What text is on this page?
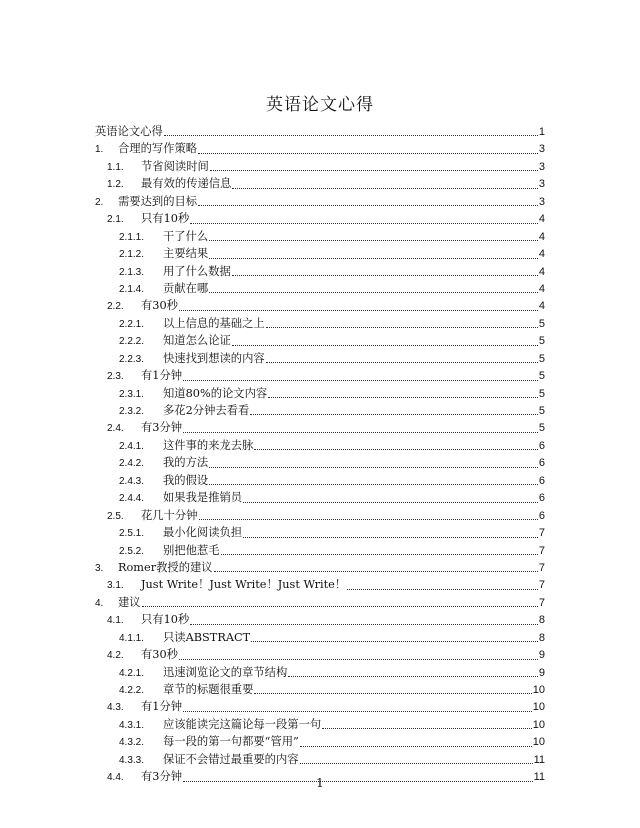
英语论文心得
英语论文心得	1
1.	合理的写作策略	3
1.1.	节省阅读时间	3
1.2.	最有效的传递信息	3
2.	需要达到的目标	3
2.1.	只有10秒	4
2.1.1.	干了什么	4
2.1.2.	主要结果	4
2.1.3.	用了什么数据	4
2.1.4.	贡献在哪	4
2.2.	有30秒	4
2.2.1.	以上信息的基础之上	5
2.2.2.	知道怎么论证	5
2.2.3.	快速找到想读的内容	5
2.3.	有1分钟	5
2.3.1.	知道80%的论文内容	5
2.3.2.	多花2分钟去看看	5
2.4.	有3分钟	5
2.4.1.	这件事的来龙去脉	6
2.4.2.	我的方法	6
2.4.3.	我的假设	6
2.4.4.	如果我是推销员	6
2.5.	花几十分钟	6
2.5.1.	最小化阅读负担	7
2.5.2.	别把他惹毛	7
3.	Romer教授的建议	7
3.1.	Just Write！Just Write！Just Write！	7
4.	建议	7
4.1.	只有10秒	8
4.1.1.	只读ABSTRACT	8
4.2.	有30秒	9
4.2.1.	迅速浏览论文的章节结构	9
4.2.2.	章节的标题很重要	10
4.3.	有1分钟	10
4.3.1.	应该能读完这篇论每一段第一句	10
4.3.2.	每一段的第一句都要“管用”	10
4.3.3.	保证不会错过最重要的内容	11
4.4.	有3分钟	11
1
